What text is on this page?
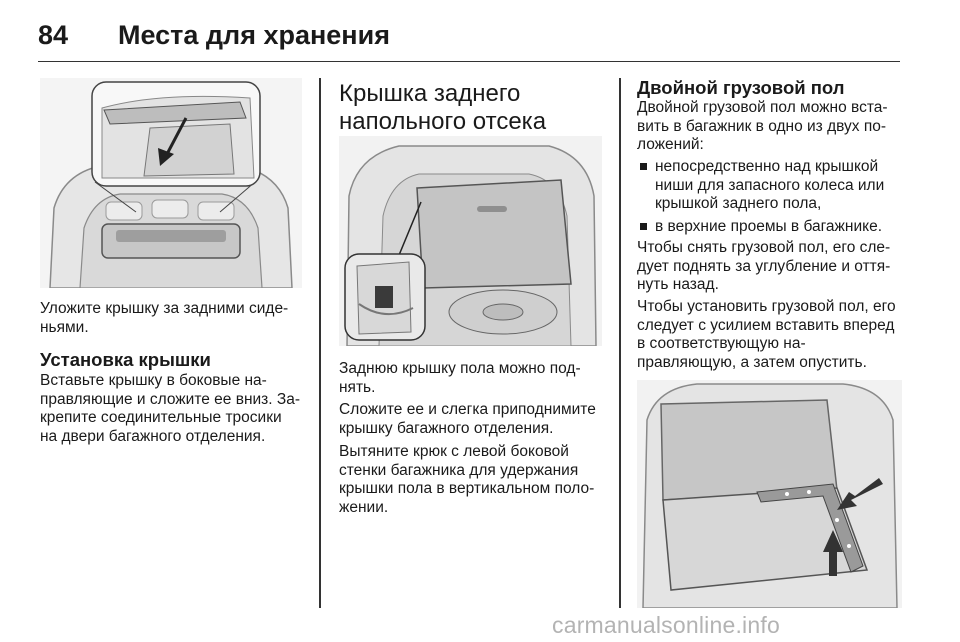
84 Места для хранения
Уложите крышку за задними сиде-ньями.
Установка крышки
Вставьте крышку в боковые на-правляющие и сложите ее вниз. За-крепите соединительные тросики на двери багажного отделения.
Крышка заднего напольного отсека
Заднюю крышку пола можно под-нять.
Сложите ее и слегка приподнимите крышку багажного отделения.
Вытяните крюк с левой боковой стенки багажника для удержания крышки пола в вертикальном поло-жении.
Двойной грузовой пол
Двойной грузовой пол можно вста-вить в багажник в одно из двух по-ложений:
непосредственно над крышкой ниши для запасного колеса или крышкой заднего пола,
в верхние проемы в багажнике.
Чтобы снять грузовой пол, его сле-дует поднять за углубление и оття-нуть назад.
Чтобы установить грузовой пол, его следует с усилием вставить вперед в соответствующую на-правляющую, а затем опустить.
carmanualsonline.info
